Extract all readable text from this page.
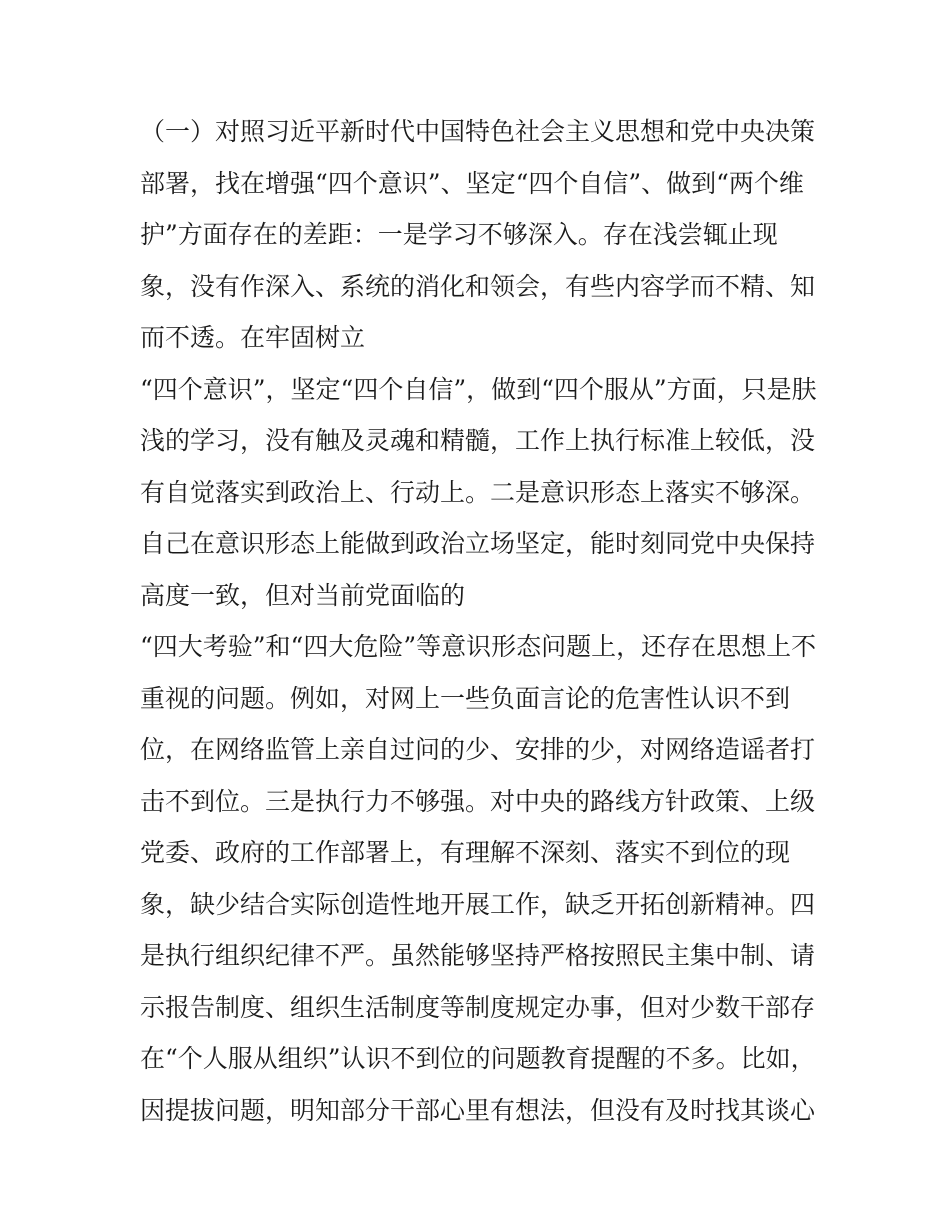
（一）对照习近平新时代中国特色社会主义思想和党中央决策
部署，找在增强“四个意识”、坚定“四个自信”、做到“两个维
护”方面存在的差距：一是学习不够深入。存在浅尝辄止现
象，没有作深入、系统的消化和领会，有些内容学而不精、知
而不透。在牢固树立
“四个意识”，坚定“四个自信”，做到“四个服从”方面，只是肤
浅的学习，没有触及灵魂和精髓，工作上执行标准上较低，没
有自觉落实到政治上、行动上。二是意识形态上落实不够深。
自己在意识形态上能做到政治立场坚定，能时刻同党中央保持
高度一致，但对当前党面临的
“四大考验”和“四大危险”等意识形态问题上，还存在思想上不
重视的问题。例如，对网上一些负面言论的危害性认识不到
位，在网络监管上亲自过问的少、安排的少，对网络造谣者打
击不到位。三是执行力不够强。对中央的路线方针政策、上级
党委、政府的工作部署上，有理解不深刻、落实不到位的现
象，缺少结合实际创造性地开展工作，缺乏开拓创新精神。四
是执行组织纪律不严。虽然能够坚持严格按照民主集中制、请
示报告制度、组织生活制度等制度规定办事，但对少数干部存
在“个人服从组织”认识不到位的问题教育提醒的不多。比如，
因提拔问题，明知部分干部心里有想法，但没有及时找其谈心
